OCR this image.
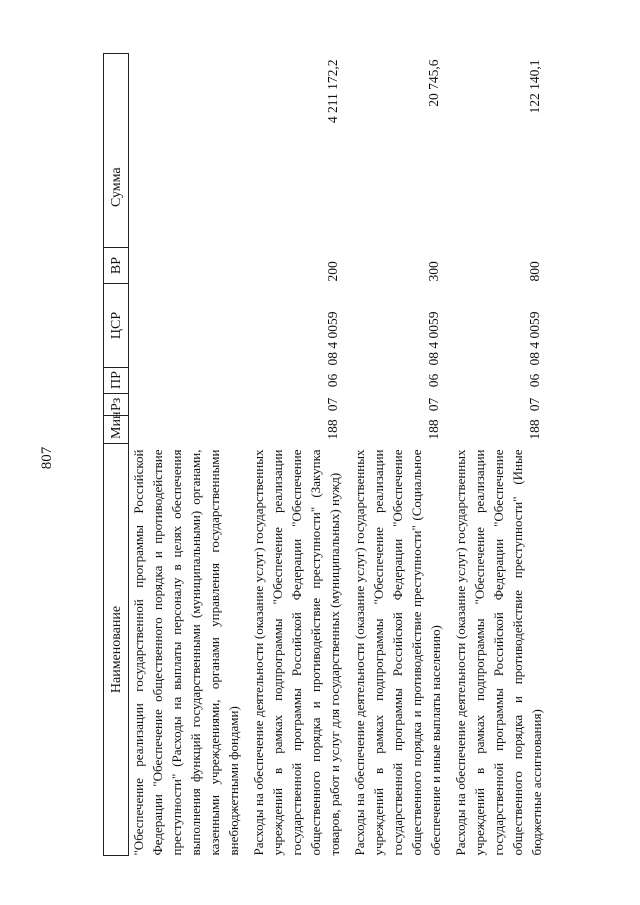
807
Наименование	Мин	Рз	ПР	ЦСР	ВР	Сумма
"Обеспечение реализации государственной программы Российской Федерации "Обеспечение общественного порядка и противодействие преступности" (Расходы на выплаты персоналу в целях обеспечения выполнения функций государственными (муниципальными) органами, казенными учреждениями, органами управления государственными внебюджетными фондами)						
Расходы на обеспечение деятельности (оказание услуг) государственных учреждений в рамках подпрограммы "Обеспечение реализации государственной программы Российской Федерации "Обеспечение общественного порядка и противодействие преступности" (Закупка товаров, работ и услуг для государственных (муниципальных) нужд)	188	07	06	08 4 0059	200	4 211 172,2
Расходы на обеспечение деятельности (оказание услуг) государственных учреждений в рамках подпрограммы "Обеспечение реализации государственной программы Российской Федерации "Обеспечение общественного порядка и противодействие преступности" (Социальное обеспечение и иные выплаты населению)	188	07	06	08 4 0059	300	20 745,6
Расходы на обеспечение деятельности (оказание услуг) государственных учреждений в рамках подпрограммы "Обеспечение реализации государственной программы Российской Федерации "Обеспечение общественного порядка и противодействие преступности" (Иные бюджетные ассигнования)	188	07	06	08 4 0059	800	122 140,1
